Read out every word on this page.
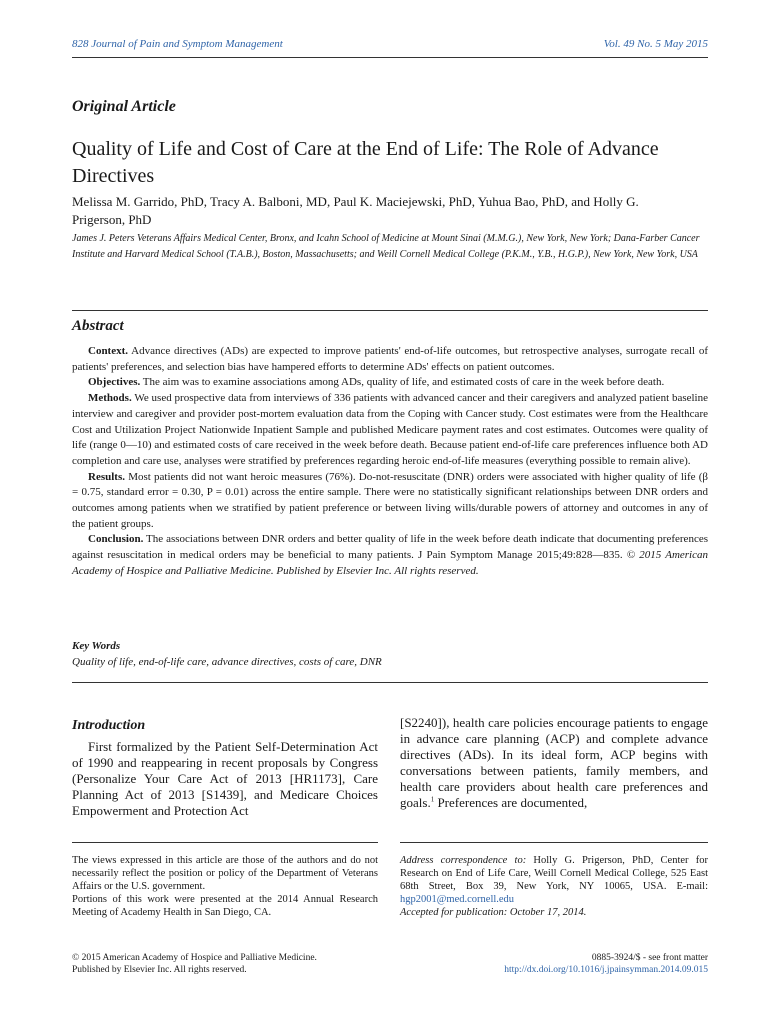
828 Journal of Pain and Symptom Management	Vol. 49 No. 5 May 2015
Original Article
Quality of Life and Cost of Care at the End of Life: The Role of Advance Directives
Melissa M. Garrido, PhD, Tracy A. Balboni, MD, Paul K. Maciejewski, PhD, Yuhua Bao, PhD, and Holly G. Prigerson, PhD
James J. Peters Veterans Affairs Medical Center, Bronx, and Icahn School of Medicine at Mount Sinai (M.M.G.), New York, New York; Dana-Farber Cancer Institute and Harvard Medical School (T.A.B.), Boston, Massachusetts; and Weill Cornell Medical College (P.K.M., Y.B., H.G.P.), New York, New York, USA
Abstract

Context. Advance directives (ADs) are expected to improve patients' end-of-life outcomes, but retrospective analyses, surrogate recall of patients' preferences, and selection bias have hampered efforts to determine ADs' effects on patient outcomes.

Objectives. The aim was to examine associations among ADs, quality of life, and estimated costs of care in the week before death.

Methods. We used prospective data from interviews of 336 patients with advanced cancer and their caregivers and analyzed patient baseline interview and caregiver and provider post-mortem evaluation data from the Coping with Cancer study. Cost estimates were from the Healthcare Cost and Utilization Project Nationwide Inpatient Sample and published Medicare payment rates and cost estimates. Outcomes were quality of life (range 0—10) and estimated costs of care received in the week before death. Because patient end-of-life care preferences influence both AD completion and care use, analyses were stratified by preferences regarding heroic end-of-life measures (everything possible to remain alive).

Results. Most patients did not want heroic measures (76%). Do-not-resuscitate (DNR) orders were associated with higher quality of life (β = 0.75, standard error = 0.30, P = 0.01) across the entire sample. There were no statistically significant relationships between DNR orders and outcomes among patients when we stratified by patient preference or between living wills/durable powers of attorney and outcomes in any of the patient groups.

Conclusion. The associations between DNR orders and better quality of life in the week before death indicate that documenting preferences against resuscitation in medical orders may be beneficial to many patients. J Pain Symptom Manage 2015;49:828—835. © 2015 American Academy of Hospice and Palliative Medicine. Published by Elsevier Inc. All rights reserved.

Key Words
Quality of life, end-of-life care, advance directives, costs of care, DNR
Introduction

First formalized by the Patient Self-Determination Act of 1990 and reappearing in recent proposals by Congress (Personalize Your Care Act of 2013 [HR1173], Care Planning Act of 2013 [S1439], and Medicare Choices Empowerment and Protection Act

[S2240]), health care policies encourage patients to engage in advance care planning (ACP) and complete advance directives (ADs). In its ideal form, ACP begins with conversations between patients, family members, and health care providers about health care preferences and goals.$^1$ Preferences are documented,

The views expressed in this article are those of the authors and do not necessarily reflect the position or policy of the Department of Veterans Affairs or the U.S. government.

Portions of this work were presented at the 2014 Annual Research Meeting of Academy Health in San Diego, CA.

Address correspondence to: Holly G. Prigerson, PhD, Center for Research on End of Life Care, Weill Cornell Medical College, 525 East 68th Street, Box 39, New York, NY 10065, USA. E-mail: hgp2001@med.cornell.edu

Accepted for publication: October 17, 2014.

© 2015 American Academy of Hospice and Palliative Medicine.
Published by Elsevier Inc. All rights reserved.
0885-3924/$ - see front matter
http://dx.doi.org/10.1016/j.jpainsymman.2014.09.015
